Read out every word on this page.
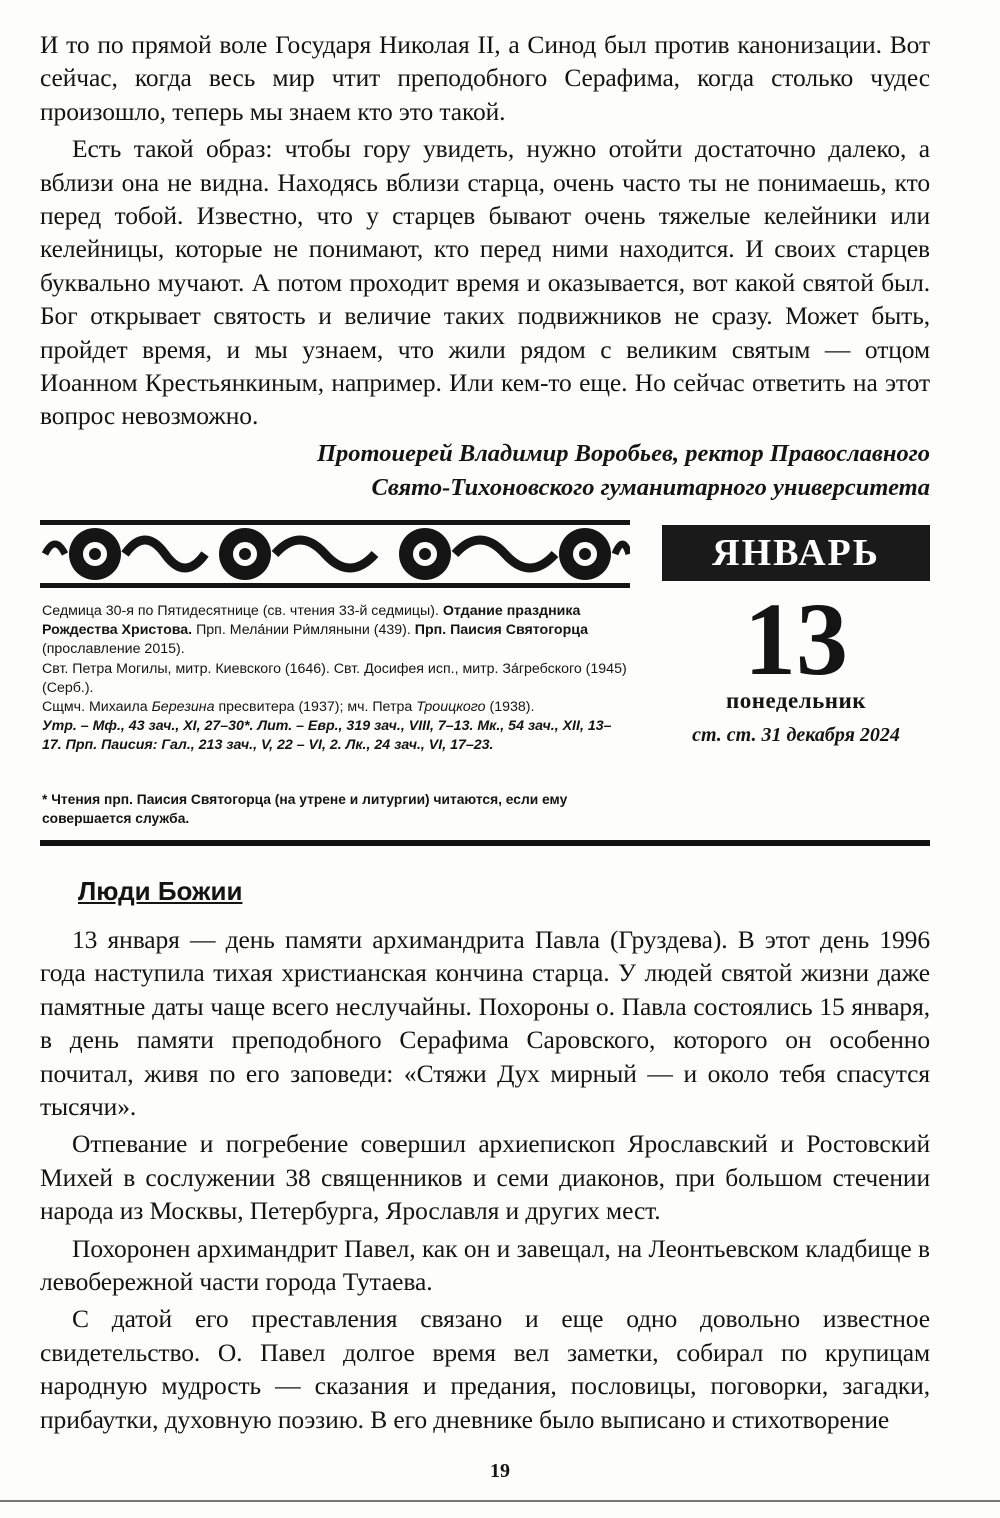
И то по прямой воле Государя Николая II, а Синод был против канонизации. Вот сейчас, когда весь мир чтит преподобного Серафима, когда столько чудес произошло, теперь мы знаем кто это такой.

Есть такой образ: чтобы гору увидеть, нужно отойти достаточно далеко, а вблизи она не видна. Находясь вблизи старца, очень часто ты не понимаешь, кто перед тобой. Известно, что у старцев бывают очень тяжелые келейники или келейницы, которые не понимают, кто перед ними находится. И своих старцев буквально мучают. А потом проходит время и оказывается, вот какой святой был. Бог открывает святость и величие таких подвижников не сразу. Может быть, пройдет время, и мы узнаем, что жили рядом с великим святым — отцом Иоанном Крестьянкиным, например. Или кем-то еще. Но сейчас ответить на этот вопрос невозможно.

Протоиерей Владимир Воробьев, ректор Православного

Свято-Тихоновского гуманитарного университета

ЯНВАРЬ
13
понедельник
ст. ст. 31 декабря 2024

Седмица 30-я по Пятидесятнице (св. чтения 33-й седмицы). Отдание праздника Рождества Христова. Прп. Мела́нии Ри́мляныни (439). Прп. Паисия Святогорца (прославление 2015).

Свт. Петра Могилы, митр. Киевского (1646). Свт. Досифея исп., митр. За́гребского (1945) (Серб.).

Сщмч. Михаила Березина пресвитера (1937); мч. Петра Троицкого (1938).

Утр. – Мф., 43 зач., XI, 27–30*. Лит. – Евр., 319 зач., VIII, 7–13. Мк., 54 зач., XII, 13–17. Прп. Паисия: Гал., 213 зач., V, 22 – VI, 2. Лк., 24 зач., VI, 17–23.

* Чтения прп. Паисия Святогорца (на утрене и литургии) читаются, если ему совершается служба.
Люди Божии

13 января — день памяти архимандрита Павла (Груздева). В этот день 1996 года наступила тихая христианская кончина старца. У людей святой жизни даже памятные даты чаще всего неслучайны. Похороны о. Павла состоялись 15 января, в день памяти преподобного Серафима Саровского, которого он особенно почитал, живя по его заповеди: «Стяжи Дух мирный — и около тебя спасутся тысячи».

Отпевание и погребение совершил архиепископ Ярославский и Ростовский Михей в сослужении 38 священников и семи диаконов, при большом стечении народа из Москвы, Петербурга, Ярославля и других мест.

Похоронен архимандрит Павел, как он и завещал, на Леонтьевском кладбище в левобережной части города Тутаева.

С датой его преставления связано и еще одно довольно известное свидетельство. О. Павел долгое время вел заметки, собирал по крупицам народную мудрость — сказания и предания, пословицы, поговорки, загадки, прибаутки, духовную поэзию. В его дневнике было выписано и стихотворение

19
